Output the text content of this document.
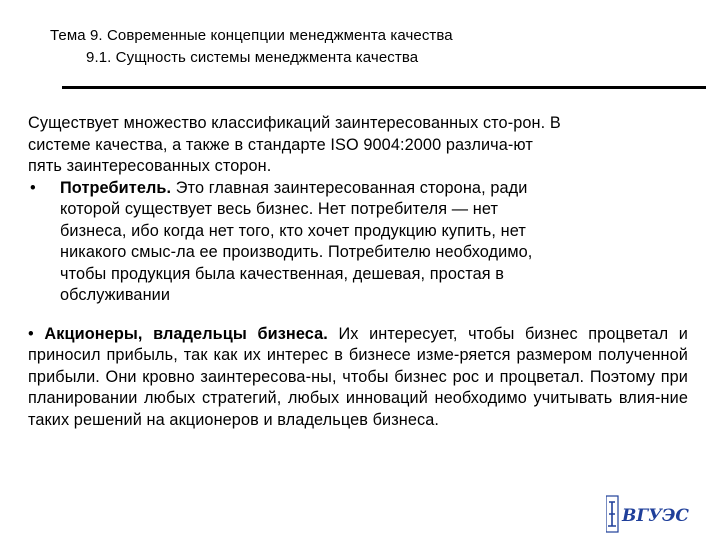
Тема 9. Современные концепции менеджмента качества
9.1. Сущность системы менеджмента качества

Существует множество классификаций заинтересованных сто-рон. В
системе качества, а также в стандарте ISO 9004:2000 различа-ют
пять заинтересованных сторон.

• Потребитель. Это главная заинтересованная сторона, ради
которой существует весь бизнес. Нет потребителя — нет
бизнеса, ибо когда нет того, кто хочет продукцию купить, нет
никакого смыс-ла ее производить. Потребителю необходимо,
чтобы продукция была качественная, дешевая, простая в
обслуживании

• Акционеры, владельцы бизнеса. Их интересует, чтобы бизнес процветал и приносил прибыль, так как их интерес в бизнесе изме-ряется размером полученной прибыли. Они кровно заинтересова-ны, чтобы бизнес рос и процветал. Поэтому при планировании любых стратегий, любых инноваций необходимо учитывать влия-ние таких решений на акционеров и владельцев бизнеса.

ВГУЭС
